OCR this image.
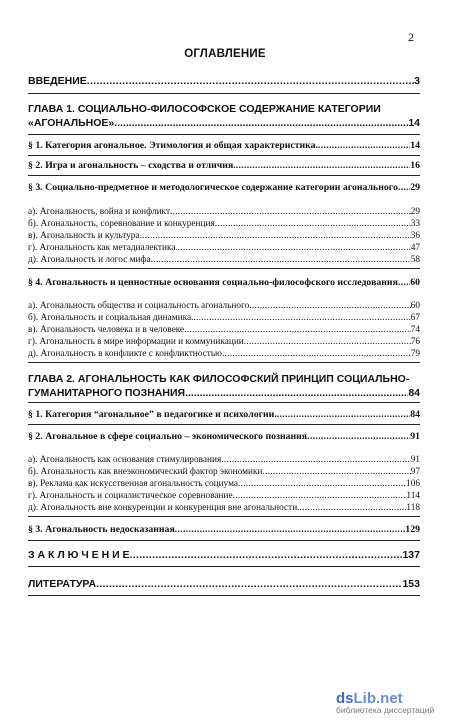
2
ОГЛАВЛЕНИЕ
ВВЕДЕНИЕ .....	3
ГЛАВА 1. СОЦИАЛЬНО-ФИЛОСОФСКОЕ СОДЕРЖАНИЕ КАТЕГОРИИ
«АГОНАЛЬНОЕ» .....	14
§ 1. Категория агональное. Этимология и общая характеристика. .....	14
§ 2. Игра и агональность – сходства и отличия. .....	16
§ 3. Социально-предметное и методологическое содержание категории агонального ..... 29
а). Агональность, война и конфликт .....	29
б). Агональность, соревнование и конкуренция .....	33
в). Агональность и культура .....	36
г). Агональность как метадиалектика. .....	47
д). Агональность и логос мифа .....	58
§ 4. Агональность и ценностные основания социально-философского исследования ..... 60
а). Агональность общества и социальность агонального .....	60
б). Агональность и социальная динамика. .....	67
в). Агональность человека и в человеке .....	74
г). Агональность в мире информации и коммуникации .....	76
д). Агональность в конфликте с конфликтностью .....	79
ГЛАВА 2. АГОНАЛЬНОСТЬ КАК ФИЛОСОФСКИЙ ПРИНЦИП СОЦИАЛЬНО-
ГУМАНИТАРНОГО ПОЗНАНИЯ .....	84
§ 1. Категория “агональное” в педагогике и психологии. .....	84
§ 2. Агональное в сфере социально – экономического познания .....	91
а). Агональность как основания стимулирования .....	91
б). Агональность как внеэкономический фактор экономики .....	97
в). Реклама как искусственная агональность социума .....	106
г). Агональность и социалистическое соревнование .....	114
д). Агональность вне конкуренции и конкуренция вне агональности. .....	118
§ 3. Агональность недосказанная .....	129
З А К Л Ю Ч Е Н И Е .....	137
ЛИТЕРАТУРА .....	153
dsLib.net
библиотека диссертаций
